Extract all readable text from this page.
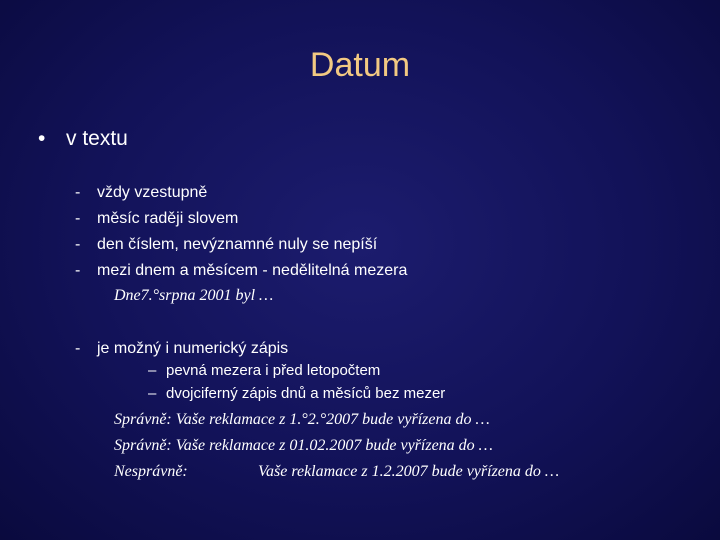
Datum
• v textu
- vždy vzestupně
- měsíc raději slovem
- den číslem, nevýznamné nuly se nepíší
- mezi dnem a měsícem - nedělitelná mezera
Dne7.°srpna 2001 byl …
- je možný i numerický zápis
– pevná mezera i před letopočtem
– dvojciferný zápis dnů a měsíců bez mezer
Správně: Vaše reklamace z 1.°2.°2007 bude vyřízena do …
Správně: Vaše reklamace z 01.02.2007 bude vyřízena do …
Nesprávně:	Vaše reklamace z 1.2.2007 bude vyřízena do …
